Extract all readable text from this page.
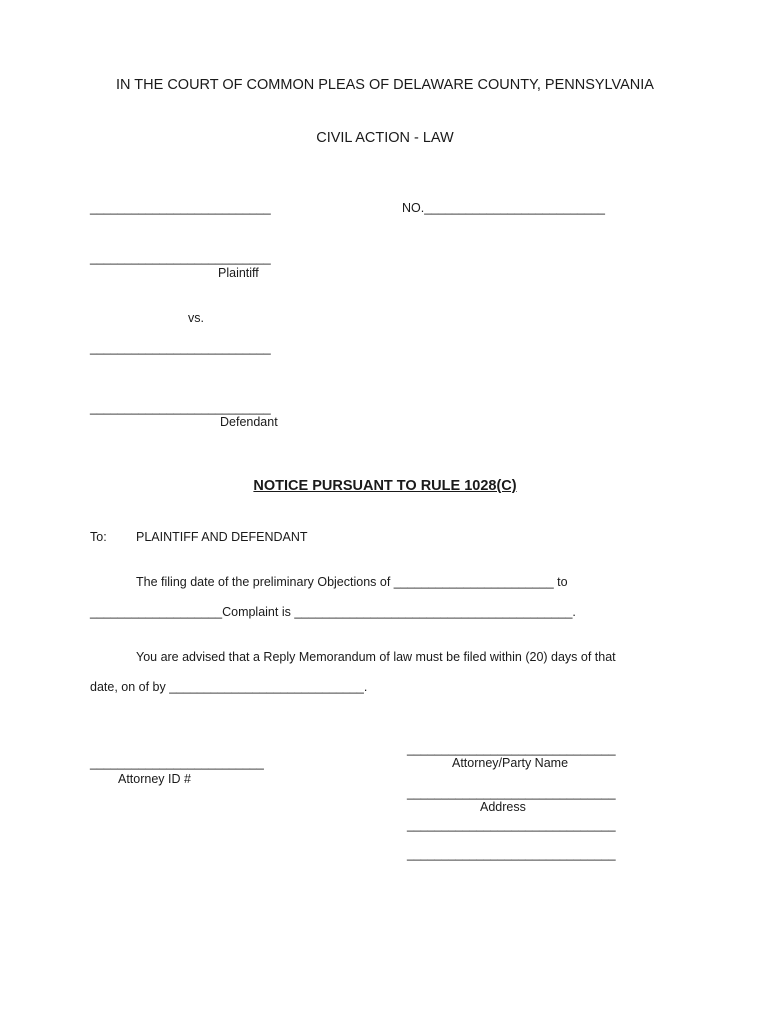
IN THE COURT OF COMMON PLEAS OF DELAWARE COUNTY, PENNSYLVANIA
CIVIL ACTION - LAW
__________________________	NO.__________________________
__________________________
Plaintiff
vs.
__________________________
__________________________
Defendant
NOTICE PURSUANT TO RULE 1028(C)
To: PLAINTIFF AND DEFENDANT
The filing date of the preliminary Objections of _______________________ to
___________________Complaint is ________________________________________.
You are advised that a Reply Memorandum of law must be filed within (20) days of that
date, on of by ____________________________.
_________________________
Attorney ID #
______________________________
Attorney/Party Name
______________________________
Address
______________________________
______________________________
